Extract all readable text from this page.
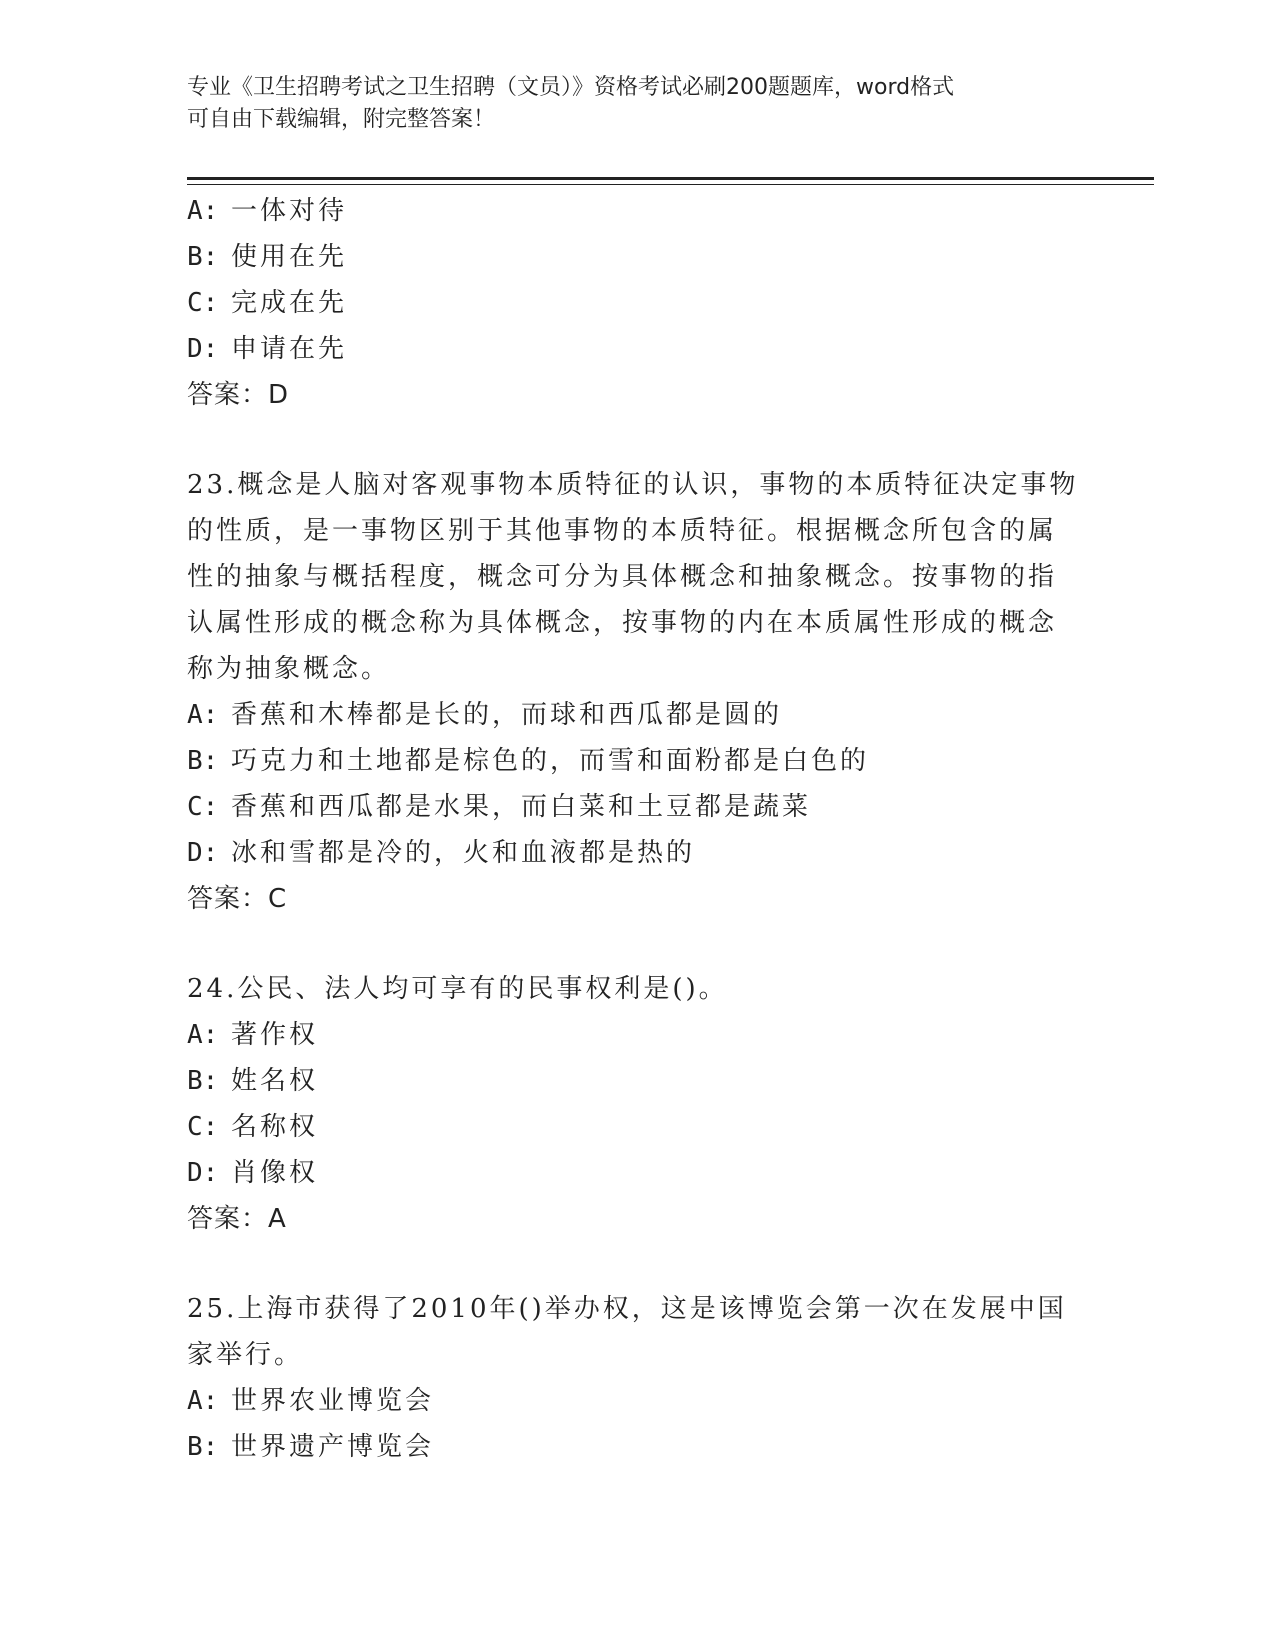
专业《卫生招聘考试之卫生招聘（文员）》资格考试必刷200题题库，word格式
可自由下载编辑，附完整答案！
A: 一体对待
B: 使用在先
C: 完成在先
D: 申请在先
答案：D
23.概念是人脑对客观事物本质特征的认识，事物的本质特征决定事物
的性质，是一事物区别于其他事物的本质特征。根据概念所包含的属
性的抽象与概括程度，概念可分为具体概念和抽象概念。按事物的指
认属性形成的概念称为具体概念，按事物的内在本质属性形成的概念
称为抽象概念。
A: 香蕉和木棒都是长的，而球和西瓜都是圆的
B: 巧克力和土地都是棕色的，而雪和面粉都是白色的
C: 香蕉和西瓜都是水果，而白菜和土豆都是蔬菜
D: 冰和雪都是冷的，火和血液都是热的
答案：C
24.公民、法人均可享有的民事权利是()。
A: 著作权
B: 姓名权
C: 名称权
D: 肖像权
答案：A
25.上海市获得了2010年()举办权，这是该博览会第一次在发展中国
家举行。
A: 世界农业博览会
B: 世界遗产博览会
